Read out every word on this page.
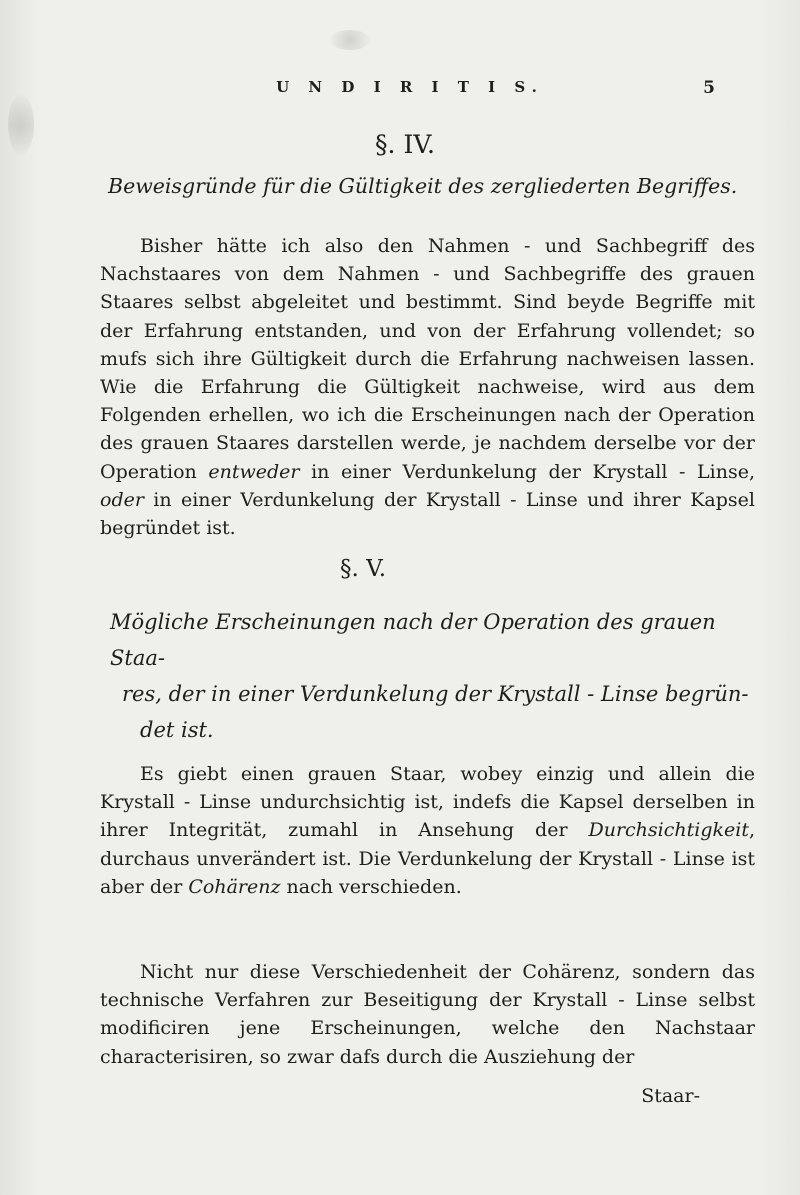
U N D I R I T I S.	5
§. IV.
Beweisgründe für die Gültigkeit des zergliederten Begriffes.
Bisher hätte ich also den Nahmen - und Sachbegriff des Nachstaares von dem Nahmen - und Sachbegriffe des grauen Staares selbst abgeleitet und bestimmt. Sind beyde Begriffe mit der Erfahrung entstanden, und von der Erfahrung vollendet; so mufs sich ihre Gültigkeit durch die Erfahrung nachweisen lassen. Wie die Erfahrung die Gültigkeit nachweise, wird aus dem Folgenden erhellen, wo ich die Erscheinungen nach der Operation des grauen Staares darstellen werde, je nachdem derselbe vor der Operation entweder in einer Verdunkelung der Krystall - Linse, oder in einer Verdunkelung der Krystall - Linse und ihrer Kapsel begründet ist.
§. V.
Mögliche Erscheinungen nach der Operation des grauen Staa-
res, der in einer Verdunkelung der Krystall - Linse begrün-
det ist.
Es giebt einen grauen Staar, wobey einzig und allein die Krystall - Linse undurchsichtig ist, indefs die Kapsel derselben in ihrer Integrität, zumahl in Ansehung der Durchsichtigkeit, durchaus unverändert ist. Die Verdunkelung der Krystall - Linse ist aber der Cohärenz nach verschieden.
Nicht nur diese Verschiedenheit der Cohärenz, sondern das technische Verfahren zur Beseitigung der Krystall - Linse selbst modificiren jene Erscheinungen, welche den Nachstaar characterisiren, so zwar dafs durch die Ausziehung der
Staar-
